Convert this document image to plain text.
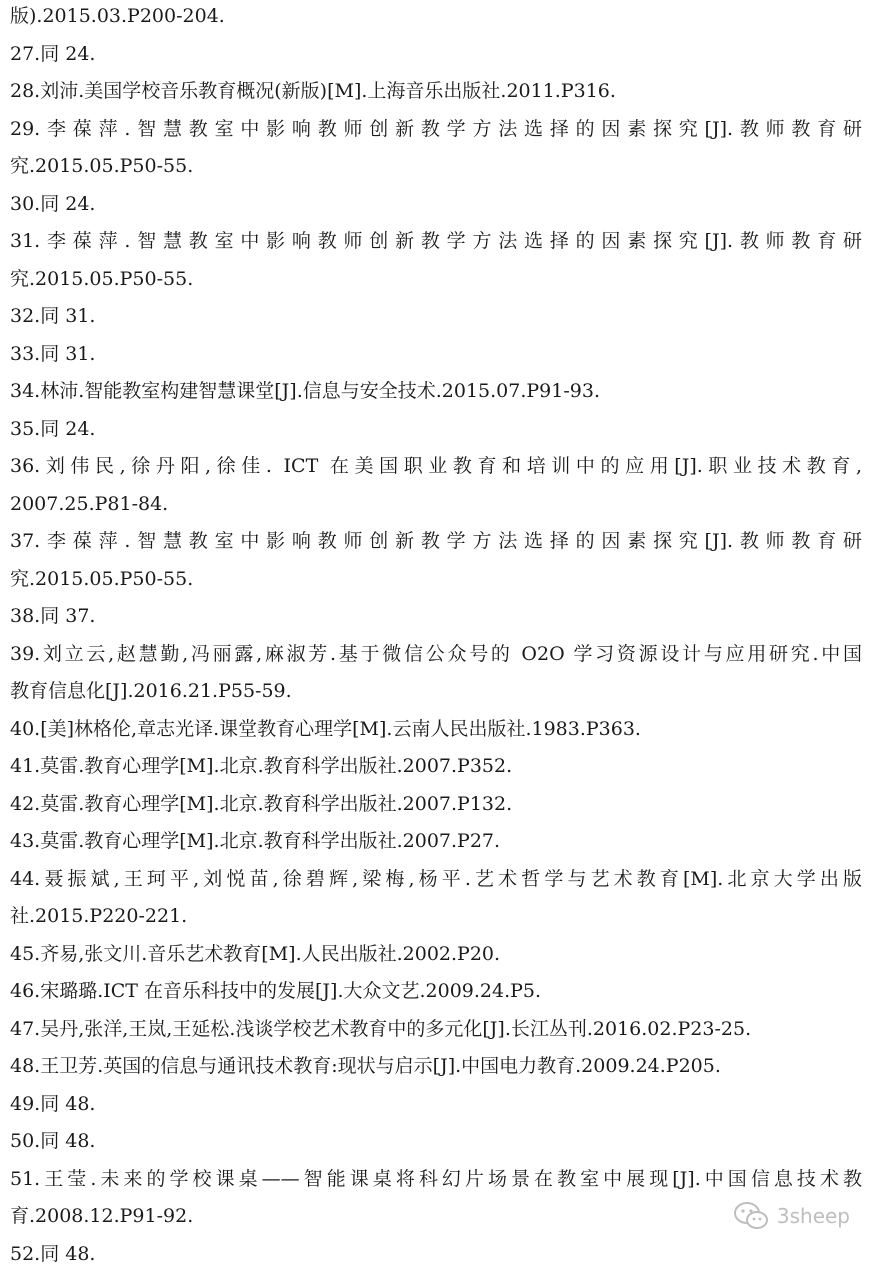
版).2015.03.P200-204.
27.同 24.
28.刘沛.美国学校音乐教育概况(新版)[M].上海音乐出版社.2011.P316.
29.李葆萍.智慧教室中影响教师创新教学方法选择的因素探究[J].教师教育研
究.2015.05.P50-55.
30.同 24.
31.李葆萍.智慧教室中影响教师创新教学方法选择的因素探究[J].教师教育研
究.2015.05.P50-55.
32.同 31.
33.同 31.
34.林沛.智能教室构建智慧课堂[J].信息与安全技术.2015.07.P91-93.
35.同 24.
36.刘伟民,徐丹阳,徐佳. ICT 在美国职业教育和培训中的应用[J].职业技术教育,
2007.25.P81-84.
37.李葆萍.智慧教室中影响教师创新教学方法选择的因素探究[J].教师教育研
究.2015.05.P50-55.
38.同 37.
39.刘立云,赵慧勤,冯丽露,麻淑芳.基于微信公众号的 O2O 学习资源设计与应用研究.中国
教育信息化[J].2016.21.P55-59.
40.[美]林格伦,章志光译.课堂教育心理学[M].云南人民出版社.1983.P363.
41.莫雷.教育心理学[M].北京.教育科学出版社.2007.P352.
42.莫雷.教育心理学[M].北京.教育科学出版社.2007.P132.
43.莫雷.教育心理学[M].北京.教育科学出版社.2007.P27.
44.聂振斌,王珂平,刘悦苗,徐碧辉,梁梅,杨平.艺术哲学与艺术教育[M].北京大学出版
社.2015.P220-221.
45.齐易,张文川.音乐艺术教育[M].人民出版社.2002.P20.
46.宋璐璐.ICT 在音乐科技中的发展[J].大众文艺.2009.24.P5.
47.吴丹,张洋,王岚,王延松.浅谈学校艺术教育中的多元化[J].长江丛刊.2016.02.P23-25.
48.王卫芳.英国的信息与通讯技术教育:现状与启示[J].中国电力教育.2009.24.P205.
49.同 48.
50.同 48.
51.王莹.未来的学校课桌——智能课桌将科幻片场景在教室中展现[J].中国信息技术教
育.2008.12.P91-92.
52.同 48.
3sheep
